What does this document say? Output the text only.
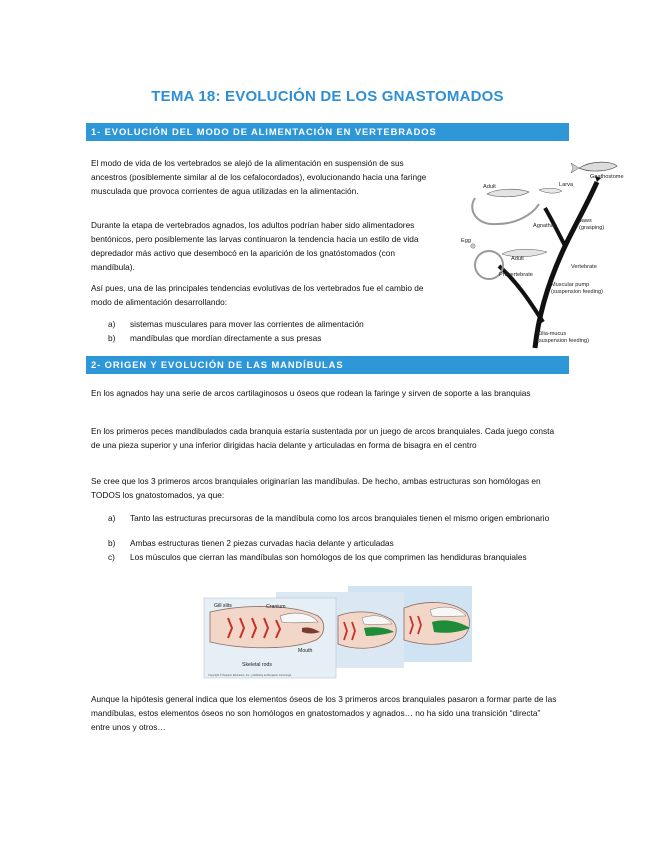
TEMA 18: EVOLUCIÓN DE LOS GNASTOMADOS
1- EVOLUCIÓN DEL MODO DE ALIMENTACIÓN EN VERTEBRADOS

El modo de vida de los vertebrados se alejó de la alimentación en suspensión de sus ancestros (posiblemente similar al de los cefalocordados), evolucionando hacia una faringe musculada que provoca corrientes de agua utilizadas en la alimentación.

Durante la etapa de vertebrados agnados, los adultos podrían haber sido alimentadores bentónicos, pero posiblemente las larvas continuaron la tendencia hacia un estilo de vida depredador más activo que desembocó en la aparición de los gnatóstomados (con mandíbula).

Así pues, una de las principales tendencias evolutivas de los vertebrados fue el cambio de modo de alimentación desarrollando:

a) sistemas musculares para mover las corrientes de alimentación
b) mandíbulas que mordían directamente a sus presas
Gnathostome
Larva
Adult
Agnathan
Jaws
(grasping)
Egg
Adult
Prevertebrate
Vertebrate
Muscular pump
(suspension feeding)
Cilia-mucus
(suspension feeding)
2- ORIGEN Y EVOLUCIÓN DE LAS MANDÍBULAS

En los agnados hay una serie de arcos cartilaginosos u óseos que rodean la faringe y sirven de soporte a las branquias

En los primeros peces mandibulados cada branquia estaría sustentada por un juego de arcos branquiales. Cada juego consta de una pieza superior y una inferior dirigidas hacia delante y articuladas en forma de bisagra en el centro

Se cree que los 3 primeros arcos branquiales originarían las mandíbulas. De hecho, ambas estructuras son homólogas en TODOS los gnatostomados, ya que:

a) Tanto las estructuras precursoras de la mandíbula como los arcos branquiales tienen el mismo origen embrionario
b) Ambas estructuras tienen 2 piezas curvadas hacia delante y articuladas
c) Los músculos que cierran las mandíbulas son homólogos de los que comprimen las hendiduras branquiales
Gill slits	Cranium
Mouth
Skeletal rods
Copyright © Pearson Education, Inc., publishing as Benjamin Cummings

Aunque la hipótesis general indica que los elementos óseos de los 3 primeros arcos branquiales pasaron a formar parte de las mandíbulas, estos elementos óseos no son homólogos en gnatostomados y agnados… no ha sido una transición “directa” entre unos y otros…
